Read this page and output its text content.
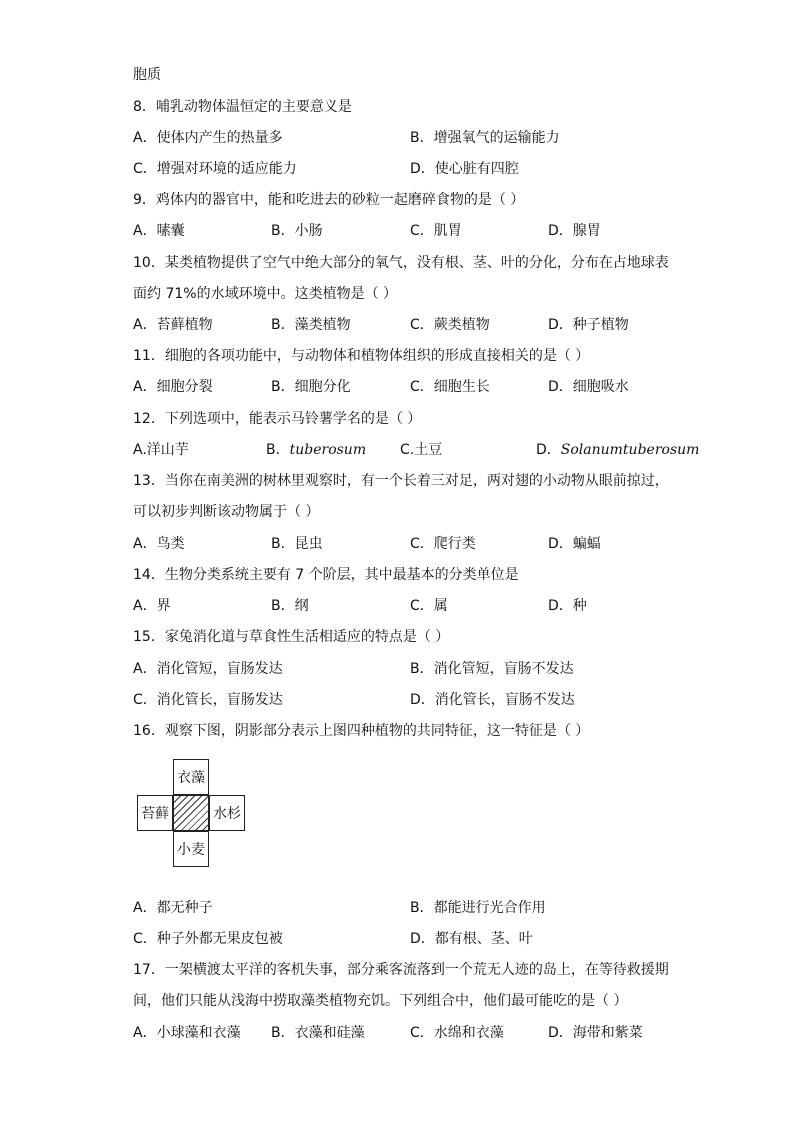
胞质
8．哺乳动物体温恒定的主要意义是
A．使体内产生的热量多	B．增强氧气的运输能力
C．增强对环境的适应能力	D．使心脏有四腔
9．鸡体内的器官中，能和吃进去的砂粒一起磨碎食物的是（ ）
A．嗉囊	B．小肠	C．肌胃	D．腺胃
10．某类植物提供了空气中绝大部分的氧气，没有根、茎、叶的分化，分布在占地球表
面约 71%的水域环境中。这类植物是（ ）
A．苔藓植物	B．藻类植物	C．蕨类植物	D．种子植物
11．细胞的各项功能中，与动物体和植物体组织的形成直接相关的是（ ）
A．细胞分裂	B．细胞分化	C．细胞生长	D．细胞吸水
12．下列选项中，能表示马铃薯学名的是（ ）
A.洋山芋	B．tuberosum C.土豆	D．Solanumtuberosum
13．当你在南美洲的树林里观察时，有一个长着三对足，两对翅的小动物从眼前掠过，
可以初步判断该动物属于（ ）
A．鸟类	B．昆虫	C．爬行类	D．蝙蝠
14．生物分类系统主要有 7 个阶层，其中最基本的分类单位是
A．界	B．纲	C．属	D．种
15．家兔消化道与草食性生活相适应的特点是（ ）
A．消化管短，盲肠发达	B．消化管短，盲肠不发达
C．消化管长，盲肠发达	D．消化管长，盲肠不发达
16．观察下图，阴影部分表示上图四种植物的共同特征，这一特征是（ ）
衣藻
苔藓	水杉
小麦
A．都无种子	B．都能进行光合作用
C．种子外都无果皮包被	D．都有根、茎、叶
17．一架横渡太平洋的客机失事，部分乘客流落到一个荒无人迹的岛上，在等待救援期
间，他们只能从浅海中捞取藻类植物充饥。下列组合中，他们最可能吃的是（ ）
A．小球藻和衣藻 B．衣藻和硅藻	C．水绵和衣藻	D．海带和紫菜
